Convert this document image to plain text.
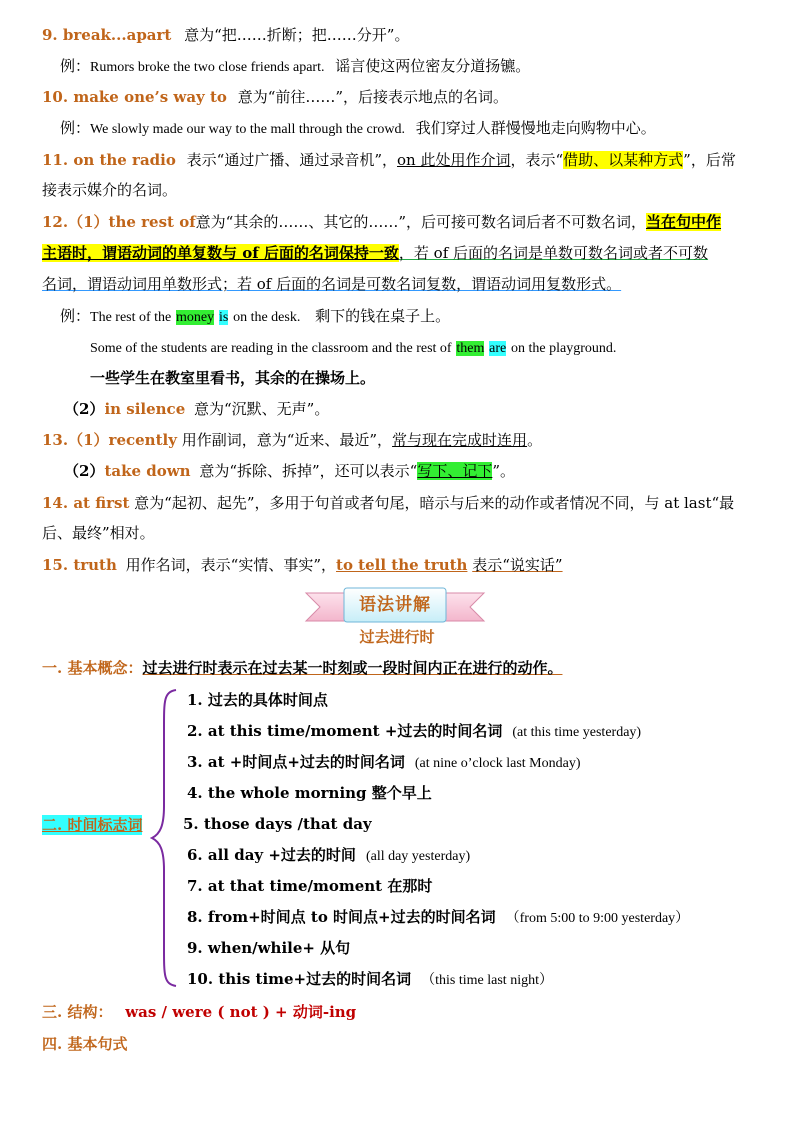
9. break...apart 意为“把……折断；把……分开”。
例：Rumors broke the two close friends apart. 谣言使这两位密友分道扬镳。
10. make one’s way to 意为“前往……”，后接表示地点的名词。
例：We slowly made our way to the mall through the crowd. 我们穿过人群慢慢地走向购物中心。
11. on the radio 表示“通过广播、通过录音机”，on 此处用作介词，表示“借助、以某种方式”，后常
接表示媒介的名词。
12.（1）the rest of意为“其余的……、其它的……”，后可接可数名词后者不可数名词，当在句中作
主语时，谓语动词的单复数与 of 后面的名词保持一致，若 of 后面的名词是单数可数名词或者不可数
名词，谓语动词用单数形式；若 of 后面的名词是可数名词复数，谓语动词用复数形式。
例：The rest of the money is on the desk. 剩下的钱在桌子上。
Some of the students are reading in the classroom and the rest of them are on the playground.
一些学生在教室里看书，其余的在操场上。
（2）in silence 意为“沉默、无声”。
13.（1）recently 用作副词，意为“近来、最近”，常与现在完成时连用。
（2）take down 意为“拆除、拆掉”，还可以表示“写下、记下”。
14. at first 意为“起初、起先”，多用于句首或者句尾，暗示与后来的动作或者情况不同，与 at last“最
后、最终”相对。
15. truth 用作名词，表示“实情、事实”，to tell the truth 表示“说实话”
语法讲解
过去进行时
一. 基本概念：过去进行时表示在过去某一时刻或一段时间内正在进行的动作。
二. 时间标志词
1. 过去的具体时间点
2. at this time/moment +过去的时间名词 (at this time yesterday)
3. at +时间点+过去的时间名词 (at nine o’clock last Monday)
4. the whole morning 整个早上
5. those days /that day
6. all day +过去的时间 (all day yesterday)
7. at that time/moment 在那时
8. from+时间点 to 时间点+过去的时间名词 （from 5:00 to 9:00 yesterday）
9. when/while+ 从句
10. this time+过去的时间名词 （this time last night）
三. 结构： was / were ( not ) + 动词-ing
四. 基本句式
